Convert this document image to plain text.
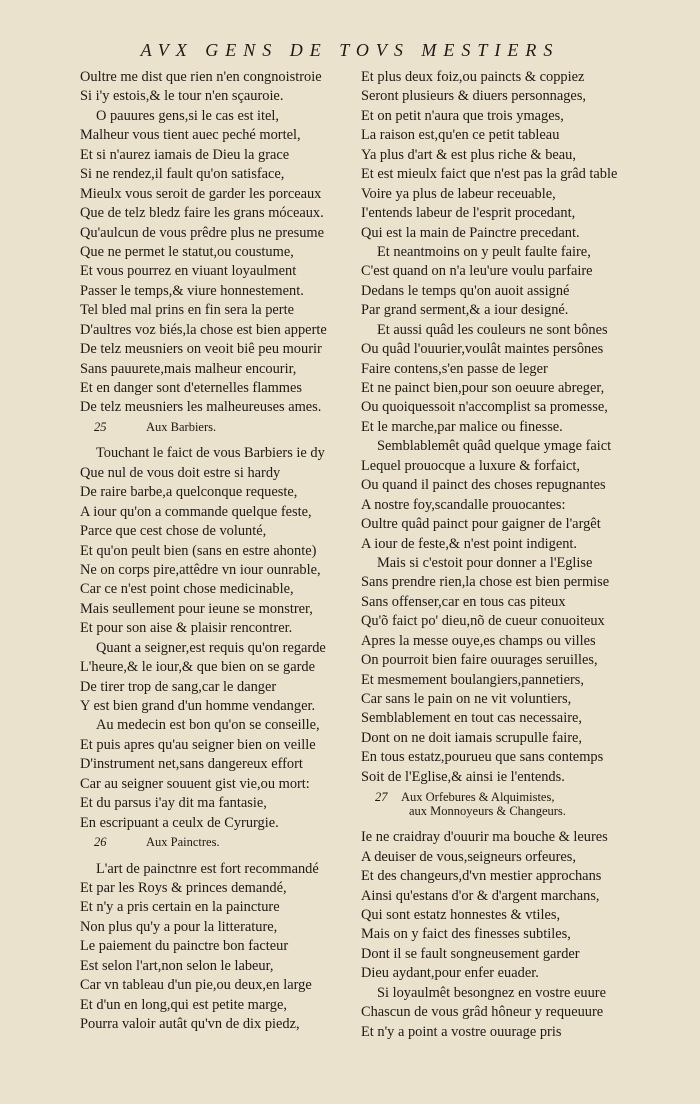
AVX GENS DE TOVS MESTIERS
Oultre me dist que rien n'en congnoistroie
Si i'y estois,& le tour n'en sçauroie.
O pauures gens,si le cas est itel,
Malheur vous tient auec peché mortel,
Et si n'aurez iamais de Dieu la grace
Si ne rendez,il fault qu'on satisface,
Mieulx vous seroit de garder les porceaux
Que de telz bledz faire les grans móceaux.
Qu'aulcun de vous prêdre plus ne presume
Que ne permet le statut,ou coustume,
Et vous pourrez en viuant loyaulment
Passer le temps,& viure honnestement.
Tel bled mal prins en fin sera la perte
D'aultres voz biés,la chose est bien apperte
De telz meusniers on veoit biê peu mourir
Sans pauurete,mais malheur encourir,
Et en danger sont d'eternelles flammes
De telz meusniers les malheureuses ames.
25	Aux Barbiers.
Touchant le faict de vous Barbiers ie dy
Que nul de vous doit estre si hardy
De raire barbe,a quelconque requeste,
A iour qu'on a commande quelque feste,
Parce que cest chose de volunté,
Et qu'on peult bien (sans en estre ahonte)
Ne on corps pire,attêdre vn iour ounrable,
Car ce n'est point chose medicinable,
Mais seullement pour ieune se monstrer,
Et pour son aise & plaisir rencontrer.
Quant a seigner,est requis qu'on regarde
L'heure,& le iour,& que bien on se garde
De tirer trop de sang,car le danger
Y est bien grand d'un homme vendanger.
Au medecin est bon qu'on se conseille,
Et puis apres qu'au seigner bien on veille
D'instrument net,sans dangereux effort
Car au seigner souuent gist vie,ou mort:
Et du parsus i'ay dit ma fantasie,
En escripuant a ceulx de Cyrurgie.
26	Aux Painctres.
L'art de painctnre est fort recommandé
Et par les Roys & princes demandé,
Et n'y a pris certain en la paincture
Non plus qu'y a pour la litterature,
Le paiement du painctre bon facteur
Est selon l'art,non selon le labeur,
Car vn tableau d'un pie,ou deux,en large
Et d'un en long,qui est petite marge,
Pourra valoir autât qu'vn de dix piedz,
Et plus deux foiz,ou paincts & coppiez
Seront plusieurs & diuers personnages,
Et on petit n'aura que trois ymages,
La raison est,qu'en ce petit tableau
Ya plus d'art & est plus riche & beau,
Et est mieulx faict que n'est pas la grâd table
Voire ya plus de labeur receuable,
I'entends labeur de l'esprit procedant,
Qui est la main de Painctre precedant.
Et neantmoins on y peult faulte faire,
C'est quand on n'a leu'ure voulu parfaire
Dedans le temps qu'on auoit assigné
Par grand serment,& a iour designé.
Et aussi quâd les couleurs ne sont bônes
Ou quâd l'ouurier,voulât maintes persônes
Faire contens,s'en passe de leger
Et ne painct bien,pour son oeuure abreger,
Ou quoiquessoit n'accomplist sa promesse,
Et le marche,par malice ou finesse.
Semblablemêt quâd quelque ymage faict
Lequel prouocque a luxure & forfaict,
Ou quand il painct des choses repugnantes
A nostre foy,scandalle prouocantes:
Oultre quâd painct pour gaigner de l'argêt
A iour de feste,& n'est point indigent.
Mais si c'estoit pour donner a l'Eglise
Sans prendre rien,la chose est bien permise
Sans offenser,car en tous cas piteux
Qu'õ faict po' dieu,nõ de cueur conuoiteux
Apres la messe ouye,es champs ou villes
On pourroit bien faire ouurages seruilles,
Et mesmement boulangiers,pannetiers,
Car sans le pain on ne vit voluntiers,
Semblablement en tout cas necessaire,
Dont on ne doit iamais scrupulle faire,
En tous estatz,pourueu que sans contemps
Soit de l'Eglise,& ainsi ie l'entends.
27 Aux Orfebures & Alquimistes,
aux Monnoyeurs & Changeurs.
Ie ne craidray d'ouurir ma bouche & leures
A deuiser de vous,seigneurs orfeures,
Et des changeurs,d'vn mestier approchans
Ainsi qu'estans d'or & d'argent marchans,
Qui sont estatz honnestes & vtiles,
Mais on y faict des finesses subtiles,
Dont il se fault songneusement garder
Dieu aydant,pour enfer euader.
Si loyaulmêt besongnez en vostre euure
Chascun de vous grâd hôneur y requeuure
Et n'y a point a vostre ouurage pris
